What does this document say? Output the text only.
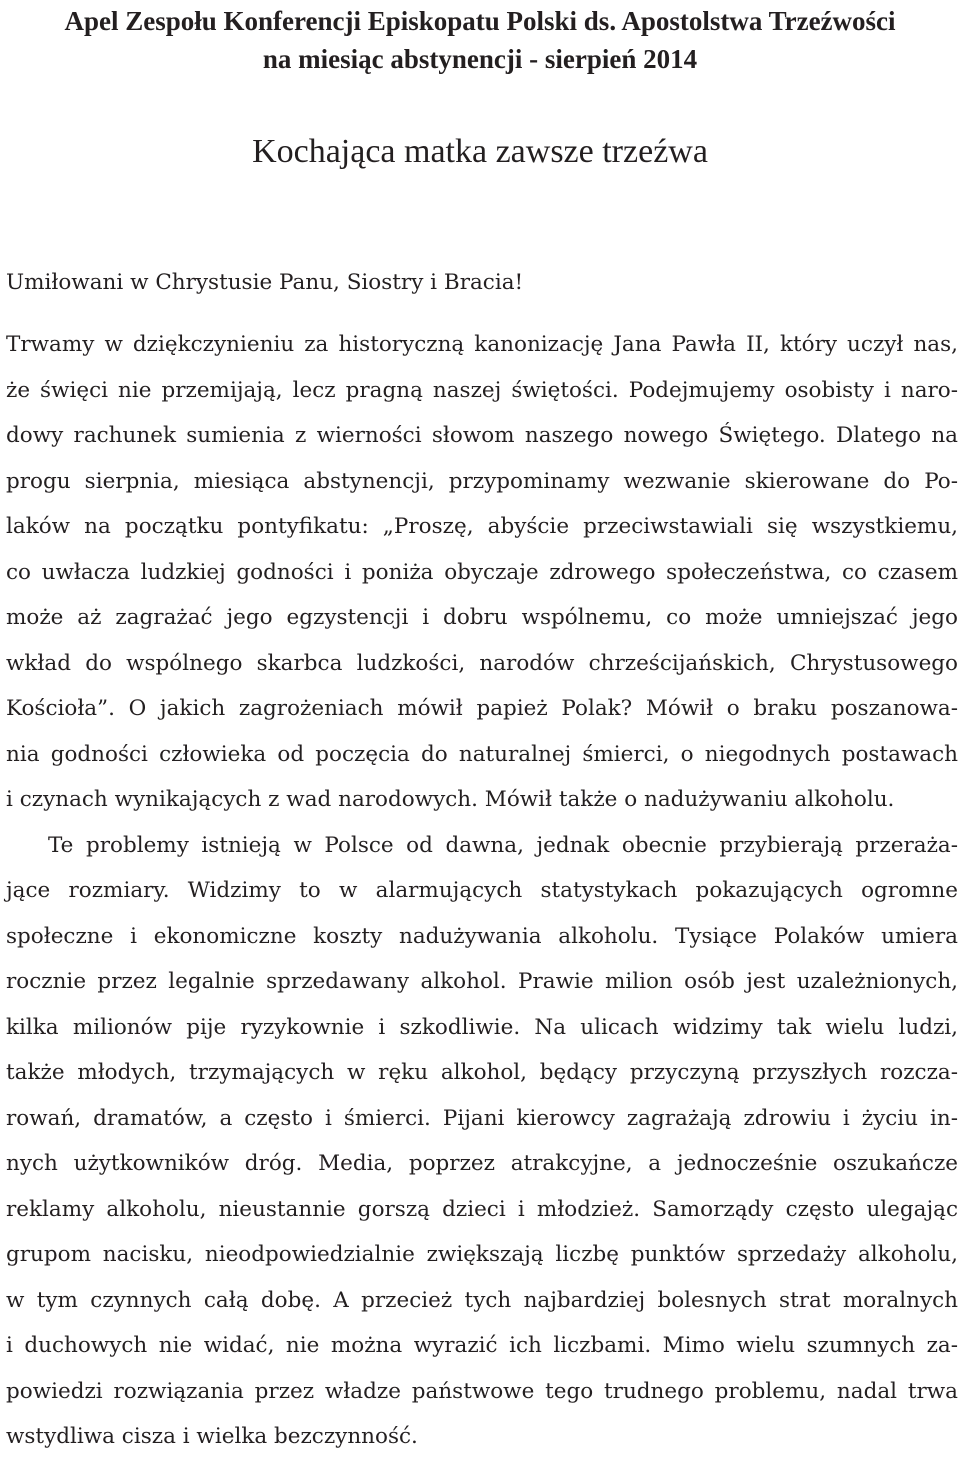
Apel Zespołu Konferencji Episkopatu Polski ds. Apostolstwa Trzeźwości
na miesiąc abstynencji - sierpień 2014
Kochająca matka zawsze trzeźwa
Umiłowani w Chrystusie Panu, Siostry i Bracia!
Trwamy w dziękczynieniu za historyczną kanonizację Jana Pawła II, który uczył nas,
że święci nie przemijają, lecz pragną naszej świętości. Podejmujemy osobisty i naro-
dowy rachunek sumienia z wierności słowom naszego nowego Świętego. Dlatego na
progu sierpnia, miesiąca abstynencji, przypominamy wezwanie skierowane do Po-
laków na początku pontyfikatu: „Proszę, abyście przeciwstawiali się wszystkiemu,
co uwłacza ludzkiej godności i poniża obyczaje zdrowego społeczeństwa, co czasem
może aż zagrażać jego egzystencji i dobru wspólnemu, co może umniejszać jego
wkład do wspólnego skarbca ludzkości, narodów chrześcijańskich, Chrystusowego
Kościoła”. O jakich zagrożeniach mówił papież Polak? Mówił o braku poszanowa-
nia godności człowieka od poczęcia do naturalnej śmierci, o niegodnych postawach
i czynach wynikających z wad narodowych. Mówił także o nadużywaniu alkoholu.
Te problemy istnieją w Polsce od dawna, jednak obecnie przybierają przeraża-
jące rozmiary. Widzimy to w alarmujących statystykach pokazujących ogromne
społeczne i ekonomiczne koszty nadużywania alkoholu. Tysiące Polaków umiera
rocznie przez legalnie sprzedawany alkohol. Prawie milion osób jest uzależnionych,
kilka milionów pije ryzykownie i szkodliwie. Na ulicach widzimy tak wielu ludzi,
także młodych, trzymających w ręku alkohol, będący przyczyną przyszłych rozcza-
rowań, dramatów, a często i śmierci. Pijani kierowcy zagrażają zdrowiu i życiu in-
nych użytkowników dróg. Media, poprzez atrakcyjne, a jednocześnie oszukańcze
reklamy alkoholu, nieustannie gorszą dzieci i młodzież. Samorządy często ulegając
grupom nacisku, nieodpowiedzialnie zwiększają liczbę punktów sprzedaży alkoholu,
w tym czynnych całą dobę. A przecież tych najbardziej bolesnych strat moralnych
i duchowych nie widać, nie można wyrazić ich liczbami. Mimo wielu szumnych za-
powiedzi rozwiązania przez władze państwowe tego trudnego problemu, nadal trwa
wstydliwa cisza i wielka bezczynność.
